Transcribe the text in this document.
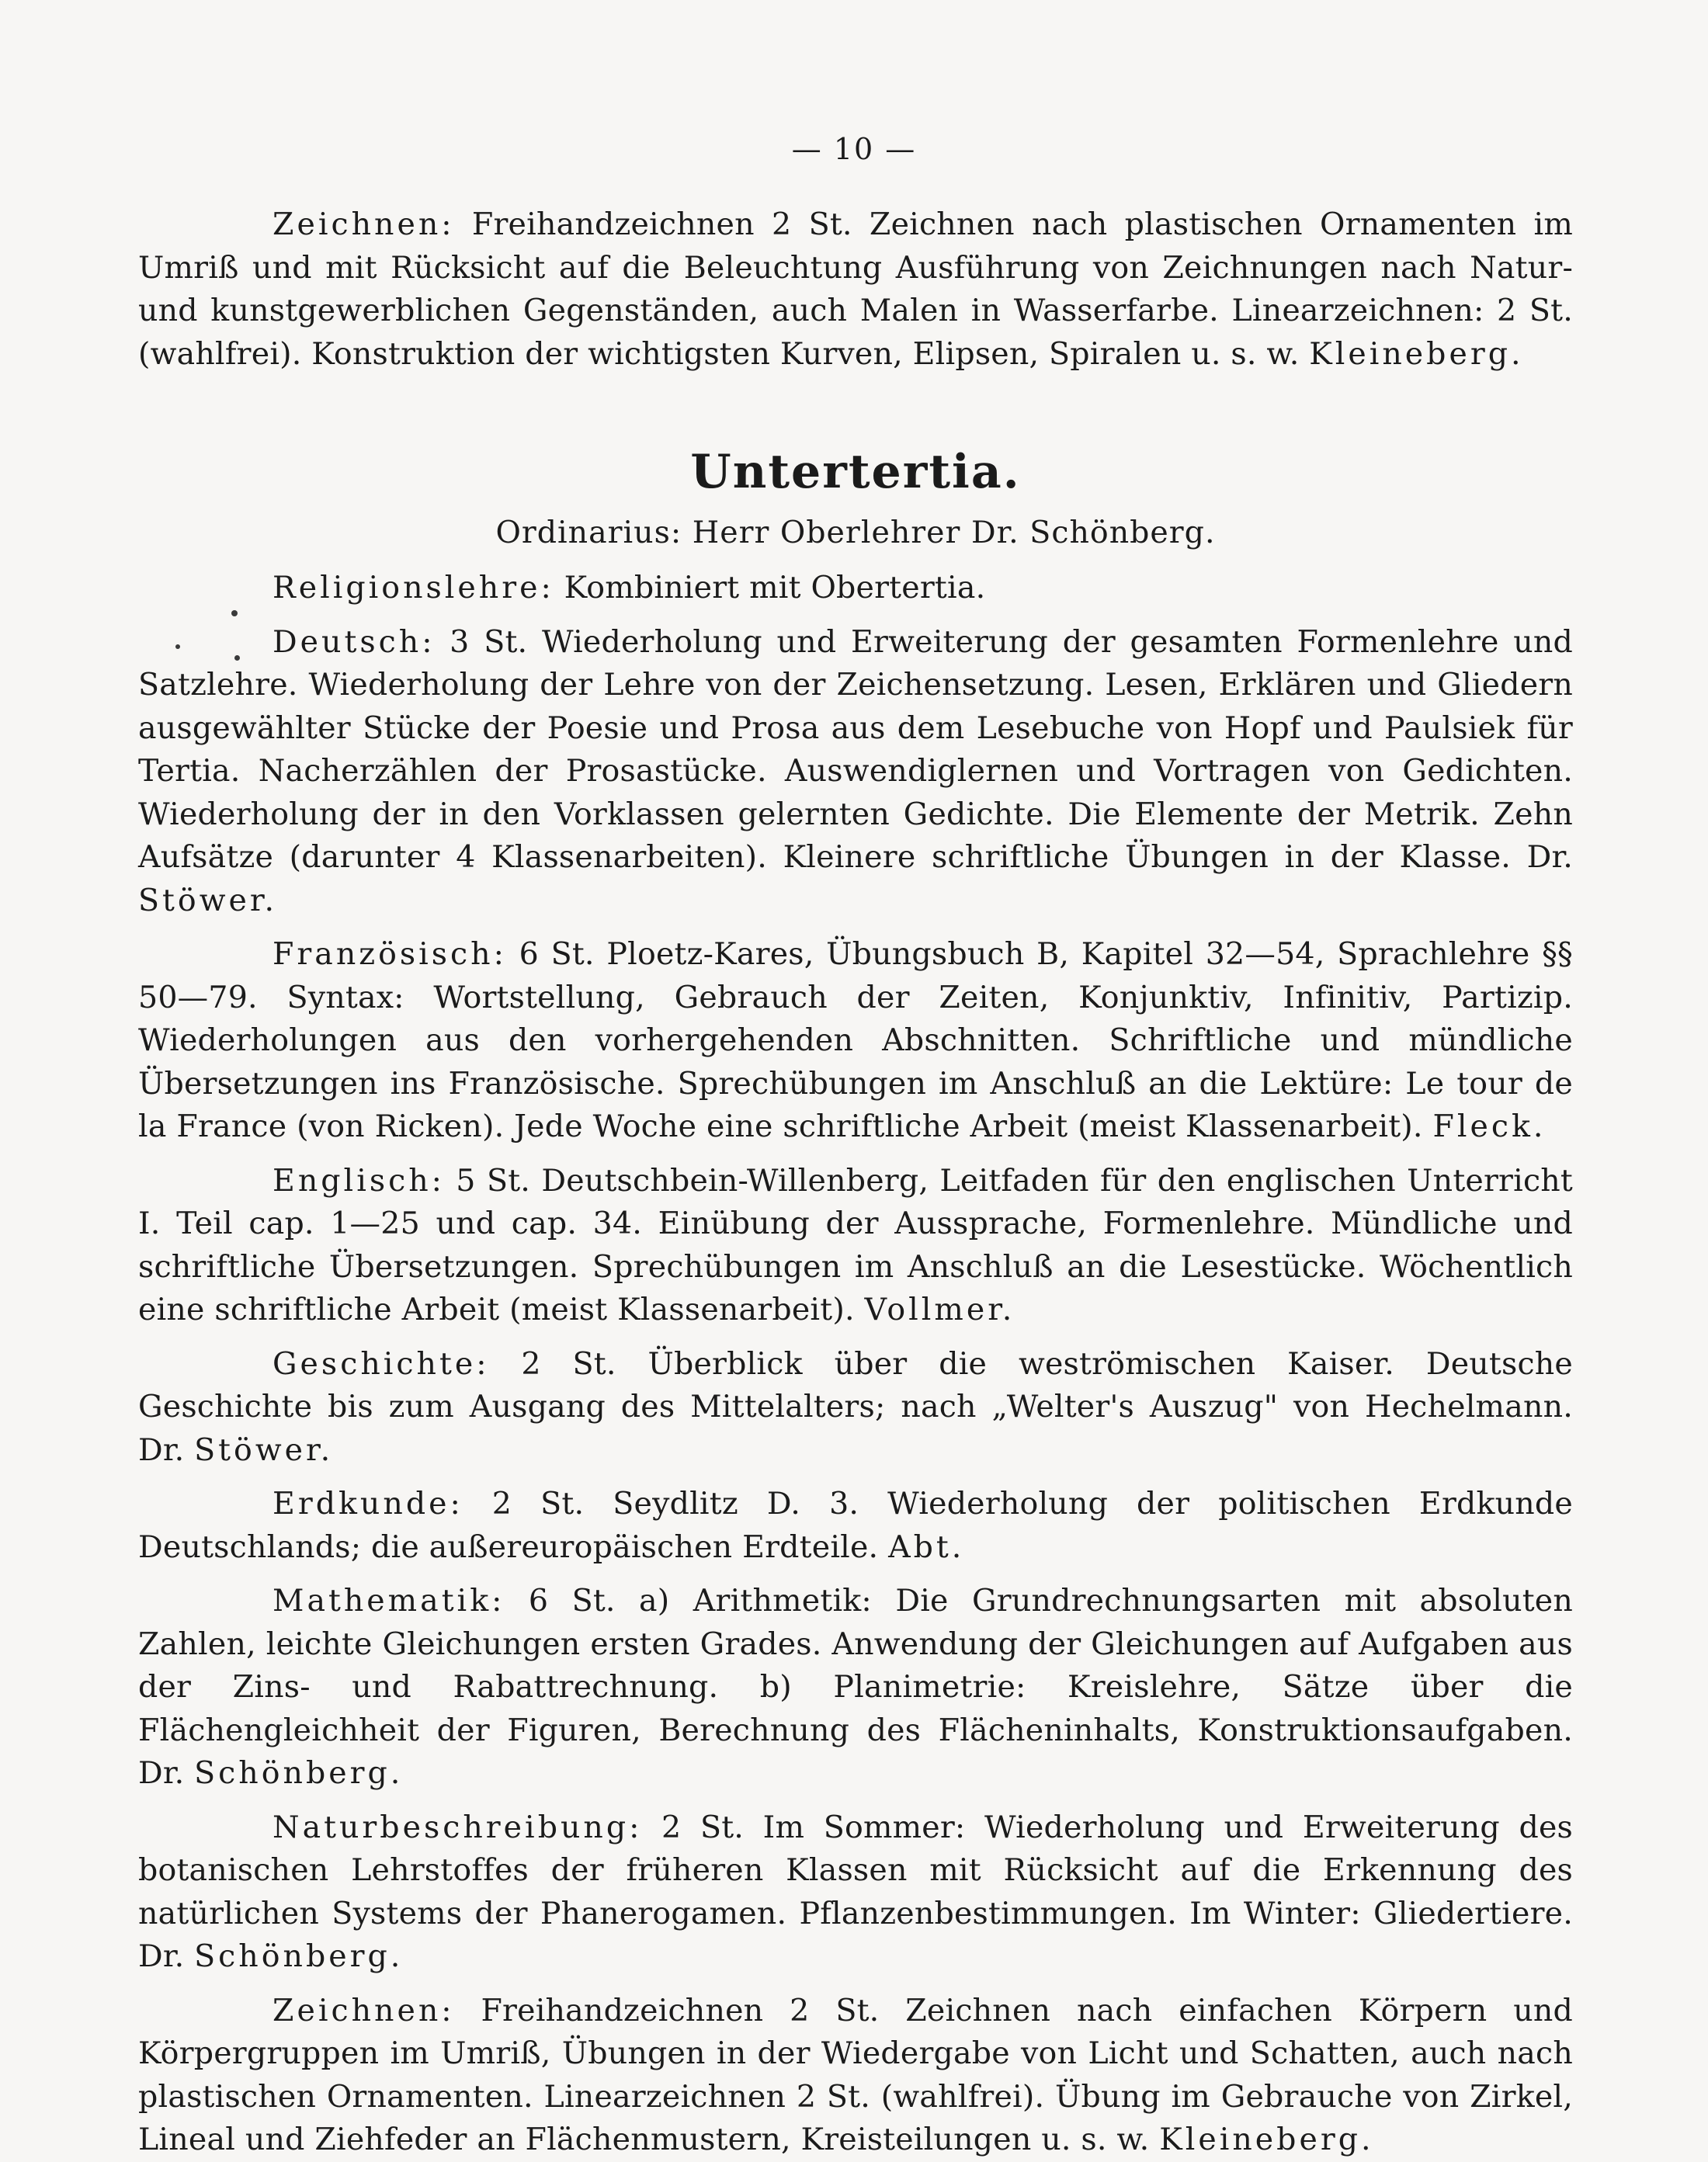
— 10 —

Zeichnen: Freihandzeichnen 2 St. Zeichnen nach plastischen Ornamenten im Umriß und mit Rücksicht auf die Beleuchtung Ausführung von Zeichnungen nach Natur- und kunstgewerblichen Gegenständen, auch Malen in Wasserfarbe. Linearzeichnen: 2 St. (wahlfrei). Konstruktion der wichtigsten Kurven, Elipsen, Spiralen u. s. w. Kleineberg.

Untertertia.
Ordinarius: Herr Oberlehrer Dr. Schönberg.

Religionslehre: Kombiniert mit Obertertia.

Deutsch: 3 St. Wiederholung und Erweiterung der gesamten Formenlehre und Satzlehre. Wiederholung der Lehre von der Zeichensetzung. Lesen, Erklären und Gliedern ausgewählter Stücke der Poesie und Prosa aus dem Lesebuche von Hopf und Paulsiek für Tertia. Nacherzählen der Prosastücke. Auswendiglernen und Vortragen von Gedichten. Wiederholung der in den Vorklassen gelernten Gedichte. Die Elemente der Metrik. Zehn Aufsätze (darunter 4 Klassenarbeiten). Kleinere schriftliche Übungen in der Klasse. Dr. Stöwer.

Französisch: 6 St. Ploetz-Kares, Übungsbuch B, Kapitel 32—54, Sprachlehre §§ 50—79. Syntax: Wortstellung, Gebrauch der Zeiten, Konjunktiv, Infinitiv, Partizip. Wiederholungen aus den vorhergehenden Abschnitten. Schriftliche und mündliche Übersetzungen ins Französische. Sprechübungen im Anschluß an die Lektüre: Le tour de la France (von Ricken). Jede Woche eine schriftliche Arbeit (meist Klassenarbeit). Fleck.

Englisch: 5 St. Deutschbein-Willenberg, Leitfaden für den englischen Unterricht I. Teil cap. 1—25 und cap. 34. Einübung der Aussprache, Formenlehre. Mündliche und schriftliche Übersetzungen. Sprechübungen im Anschluß an die Lesestücke. Wöchentlich eine schriftliche Arbeit (meist Klassenarbeit). Vollmer.

Geschichte: 2 St. Überblick über die weströmischen Kaiser. Deutsche Geschichte bis zum Ausgang des Mittelalters; nach „Welter's Auszug" von Hechelmann. Dr. Stöwer.

Erdkunde: 2 St. Seydlitz D. 3. Wiederholung der politischen Erdkunde Deutschlands; die außereuropäischen Erdteile. Abt.

Mathematik: 6 St. a) Arithmetik: Die Grundrechnungsarten mit absoluten Zahlen, leichte Gleichungen ersten Grades. Anwendung der Gleichungen auf Aufgaben aus der Zins- und Rabattrechnung. b) Planimetrie: Kreislehre, Sätze über die Flächengleichheit der Figuren, Berechnung des Flächeninhalts, Konstruktionsaufgaben. Dr. Schönberg.

Naturbeschreibung: 2 St. Im Sommer: Wiederholung und Erweiterung des botanischen Lehrstoffes der früheren Klassen mit Rücksicht auf die Erkennung des natürlichen Systems der Phanerogamen. Pflanzenbestimmungen. Im Winter: Gliedertiere. Dr. Schönberg.

Zeichnen: Freihandzeichnen 2 St. Zeichnen nach einfachen Körpern und Körpergruppen im Umriß, Übungen in der Wiedergabe von Licht und Schatten, auch nach plastischen Ornamenten. Linearzeichnen 2 St. (wahlfrei). Übung im Gebrauche von Zirkel, Lineal und Ziehfeder an Flächenmustern, Kreisteilungen u. s. w. Kleineberg.
